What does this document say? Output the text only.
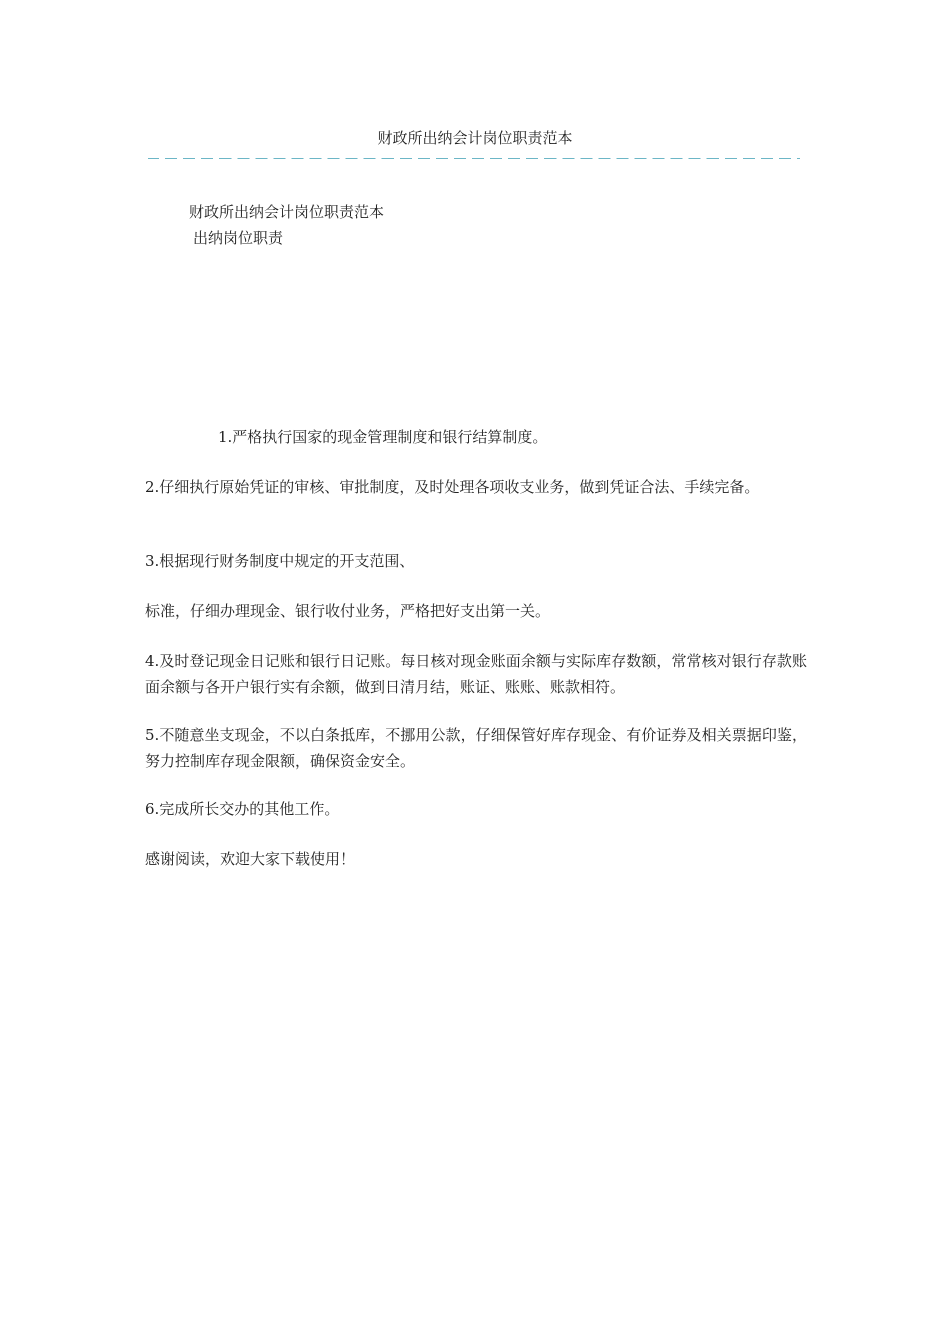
财政所出纳会计岗位职责范本
财政所出纳会计岗位职责范本
出纳岗位职责
1.严格执行国家的现金管理制度和银行结算制度。
2.仔细执行原始凭证的审核、审批制度，及时处理各项收支业务，做到凭证合法、手续完备。
3.根据现行财务制度中规定的开支范围、
标准，仔细办理现金、银行收付业务，严格把好支出第一关。
4.及时登记现金日记账和银行日记账。每日核对现金账面余额与实际库存数额，常常核对银行存款账面余额与各开户银行实有余额，做到日清月结，账证、账账、账款相符。
5.不随意坐支现金，不以白条抵库，不挪用公款，仔细保管好库存现金、有价证券及相关票据印鉴，努力控制库存现金限额，确保资金安全。
6.完成所长交办的其他工作。
感谢阅读，欢迎大家下载使用！
